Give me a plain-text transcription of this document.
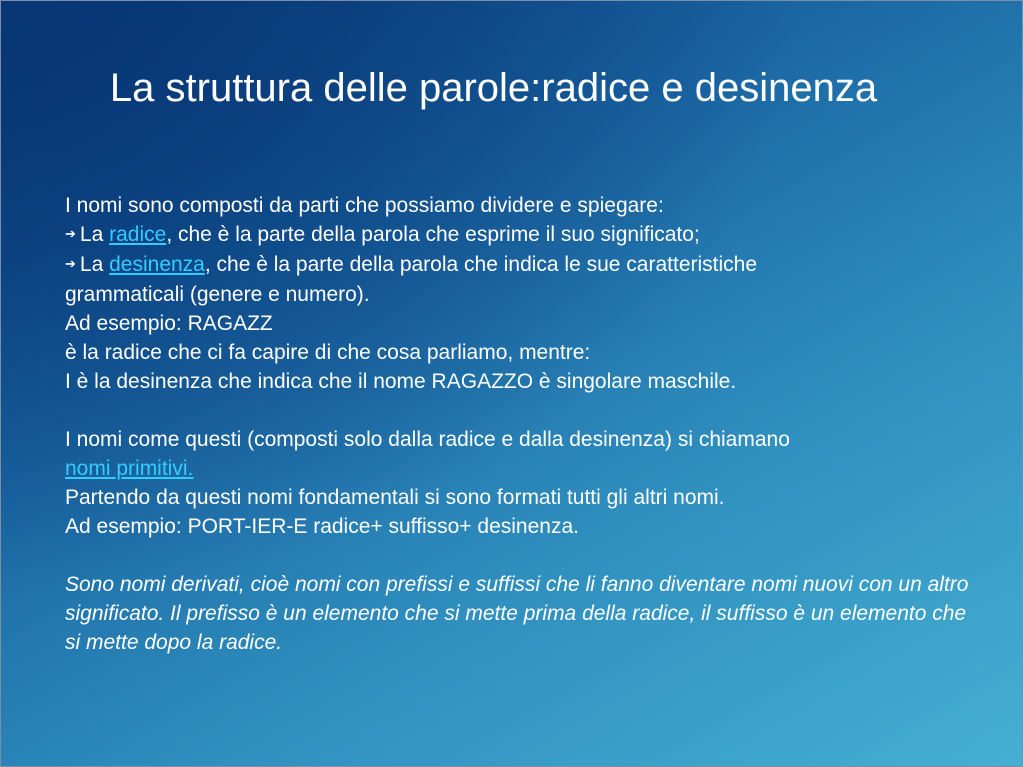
La struttura delle parole:radice e desinenza
I nomi sono composti da parti che possiamo dividere e spiegare:
➔ La radice, che è la parte della parola che esprime il suo significato;
➔ La desinenza, che è la parte della parola che indica le sue caratteristiche
grammaticali (genere e numero).
Ad esempio: RAGAZZ
è la radice che ci fa capire di che cosa parliamo, mentre:
I è la desinenza che indica che il nome RAGAZZO è singolare maschile.
I nomi come questi (composti solo dalla radice e dalla desinenza) si chiamano
nomi primitivi.
Partendo da questi nomi fondamentali si sono formati tutti gli altri nomi.
Ad esempio: PORT-IER-E radice+ suffisso+ desinenza.
Sono nomi derivati, cioè nomi con prefissi e suffissi che li fanno diventare nomi nuovi con un altro significato. Il prefisso è un elemento che si mette prima della radice, il suffisso è un elemento che si mette dopo la radice.
